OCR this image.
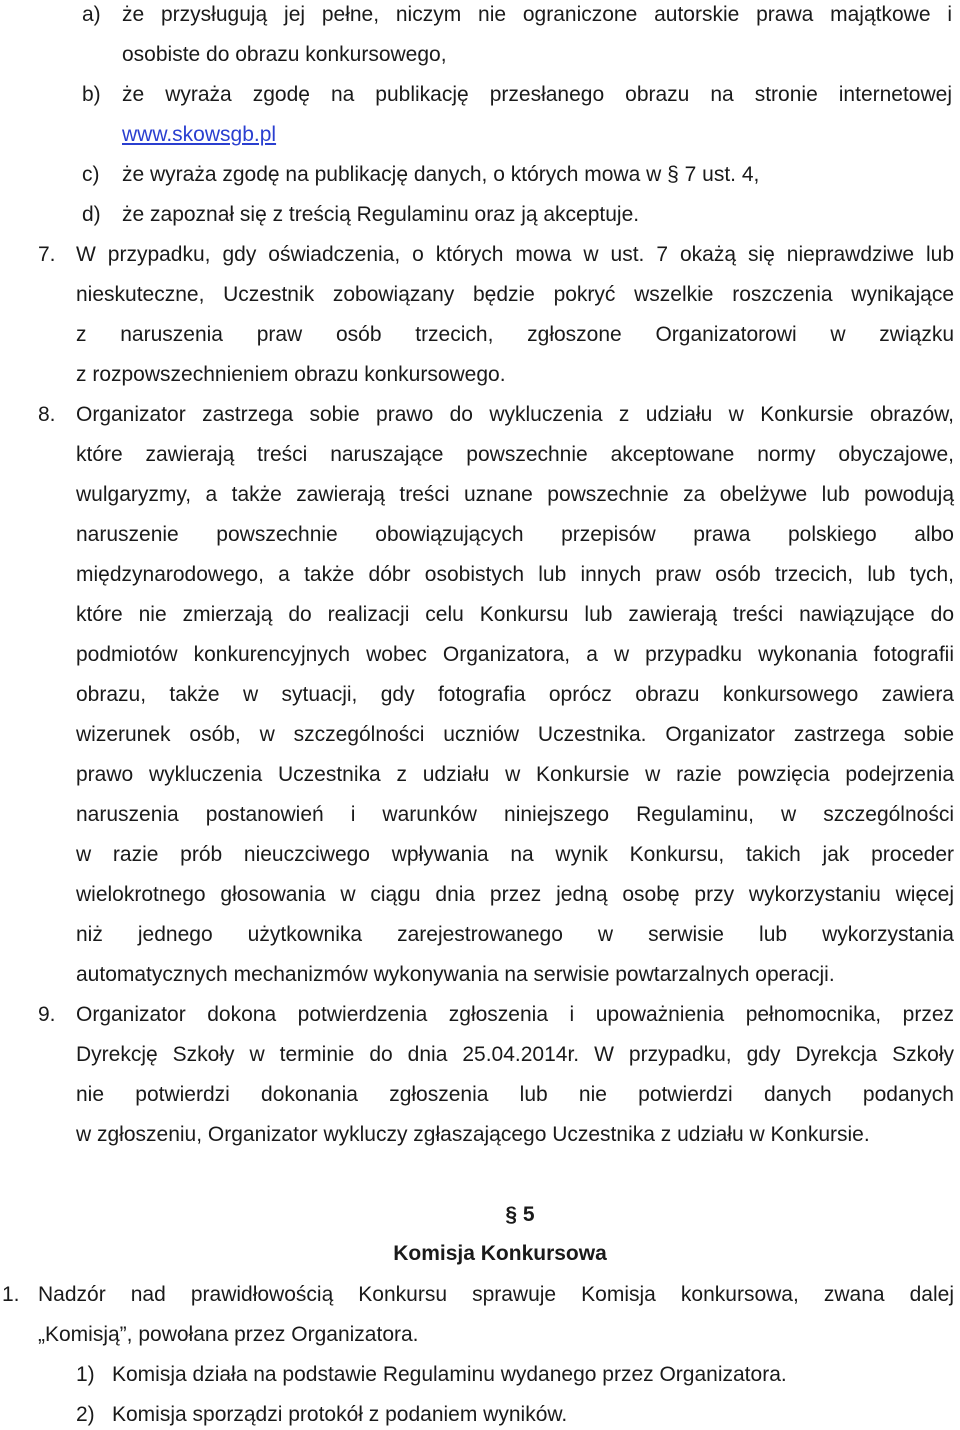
a) że przysługują jej pełne, niczym nie ograniczone autorskie prawa majątkowe i
osobiste do obrazu konkursowego,
b) że wyraża zgodę na publikację przesłanego obrazu na stronie internetowej
www.skowsgb.pl
c) że wyraża zgodę na publikację danych, o których mowa w § 7 ust. 4,
d) że zapoznał się z treścią Regulaminu oraz ją akceptuje.
7. W przypadku, gdy oświadczenia, o których mowa w ust. 7 okażą się nieprawdziwe lub
nieskuteczne, Uczestnik zobowiązany będzie pokryć wszelkie roszczenia wynikające
z naruszenia praw osób trzecich, zgłoszone Organizatorowi w związku
z rozpowszechnieniem obrazu konkursowego.
8. Organizator zastrzega sobie prawo do wykluczenia z udziału w Konkursie obrazów,
które zawierają treści naruszające powszechnie akceptowane normy obyczajowe,
wulgaryzmy, a także zawierają treści uznane powszechnie za obelżywe lub powodują
naruszenie powszechnie obowiązujących przepisów prawa polskiego albo
międzynarodowego, a także dóbr osobistych lub innych praw osób trzecich, lub tych,
które nie zmierzają do realizacji celu Konkursu lub zawierają treści nawiązujące do
podmiotów konkurencyjnych wobec Organizatora, a w przypadku wykonania fotografii
obrazu, także w sytuacji, gdy fotografia oprócz obrazu konkursowego zawiera
wizerunek osób, w szczególności uczniów Uczestnika. Organizator zastrzega sobie
prawo wykluczenia Uczestnika z udziału w Konkursie w razie powzięcia podejrzenia
naruszenia postanowień i warunków niniejszego Regulaminu, w szczególności
w razie prób nieuczciwego wpływania na wynik Konkursu, takich jak proceder
wielokrotnego głosowania w ciągu dnia przez jedną osobę przy wykorzystaniu więcej
niż jednego użytkownika zarejestrowanego w serwisie lub wykorzystania
automatycznych mechanizmów wykonywania na serwisie powtarzalnych operacji.
9. Organizator dokona potwierdzenia zgłoszenia i upoważnienia pełnomocnika, przez
Dyrekcję Szkoły w terminie do dnia 25.04.2014r. W przypadku, gdy Dyrekcja Szkoły
nie potwierdzi dokonania zgłoszenia lub nie potwierdzi danych podanych
w zgłoszeniu, Organizator wykluczy zgłaszającego Uczestnika z udziału w Konkursie.
§ 5
Komisja Konkursowa
1. Nadzór nad prawidłowością Konkursu sprawuje Komisja konkursowa, zwana dalej
„Komisją”, powołana przez Organizatora.
1) Komisja działa na podstawie Regulaminu wydanego przez Organizatora.
2) Komisja sporządzi protokół z podaniem wyników.
